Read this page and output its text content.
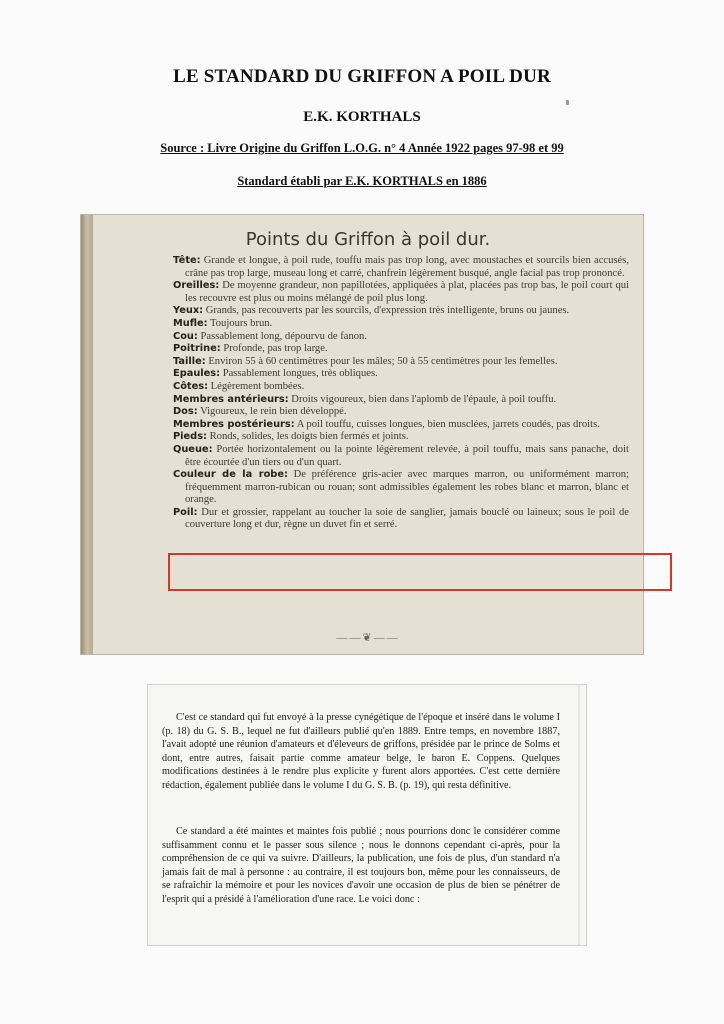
LE STANDARD DU GRIFFON A POIL DUR
E.K. KORTHALS
Source : Livre Origine du Griffon L.O.G. n° 4 Année 1922 pages 97-98 et 99
Standard établi par E.K. KORTHALS en 1886
Points du Griffon à poil dur.
Tête: Grande et longue, à poil rude, touffu mais pas trop long, avec moustaches et sourcils bien accusés, crâne pas trop large, museau long et carré, chanfrein légèrement busqué, angle facial pas trop prononcé.
Oreilles: De moyenne grandeur, non papillotées, appliquées à plat, placées pas trop bas, le poil court qui les recouvre est plus ou moins mélangé de poil plus long.
Yeux: Grands, pas recouverts par les sourcils, d'expression très intelligente, bruns ou jaunes.
Mufle: Toujours brun.
Cou: Passablement long, dépourvu de fanon.
Poitrine: Profonde, pas trop large.
Taille: Environ 55 à 60 centimètres pour les mâles; 50 à 55 centimètres pour les femelles.
Epaules: Passablement longues, très obliques.
Côtes: Légèrement bombées.
Membres antérieurs: Droits vigoureux, bien dans l'aplomb de l'épaule, à poil touffu.
Dos: Vigoureux, le rein bien développé.
Membres postérieurs: A poil touffu, cuisses longues, bien musclées, jarrets coudés, pas droits.
Pieds: Ronds, solides, les doigts bien fermés et joints.
Queue: Portée horizontalement ou la pointe légèrement relevée, à poil touffu, mais sans panache, doit être écourtée d'un tiers ou d'un quart.
Couleur de la robe: De préférence gris-acier avec marques marron, ou uniformément marron; fréquemment marron-rubican ou rouan; sont admissibles également les robes blanc et marron, blanc et orange.
Poil: Dur et grossier, rappelant au toucher la soie de sanglier, jamais bouclé ou laineux; sous le poil de couverture long et dur, règne un duvet fin et serré.
——❦——
C'est ce standard qui fut envoyé à la presse cynégétique de l'époque et inséré dans le volume I (p. 18) du G. S. B., lequel ne fut d'ailleurs publié qu'en 1889. Entre temps, en novembre 1887, l'avait adopté une réunion d'amateurs et d'éleveurs de griffons, présidée par le prince de Solms et dont, entre autres, faisait partie comme amateur belge, le baron E. Coppens. Quelques modifications destinées à le rendre plus explicite y furent alors apportées. C'est cette dernière rédaction, également publiée dans le volume I du G. S. B. (p. 19), qui resta définitive.
Ce standard a été maintes et maintes fois publié ; nous pourrions donc le considérer comme suffisamment connu et le passer sous silence ; nous le donnons cependant ci-après, pour la compréhension de ce qui va suivre. D'ailleurs, la publication, une fois de plus, d'un standard n'a jamais fait de mal à personne : au contraire, il est toujours bon, même pour les connaisseurs, de se rafraîchir la mémoire et pour les novices d'avoir une occasion de plus de bien se pénétrer de l'esprit qui a présidé à l'amélioration d'une race. Le voici donc :
